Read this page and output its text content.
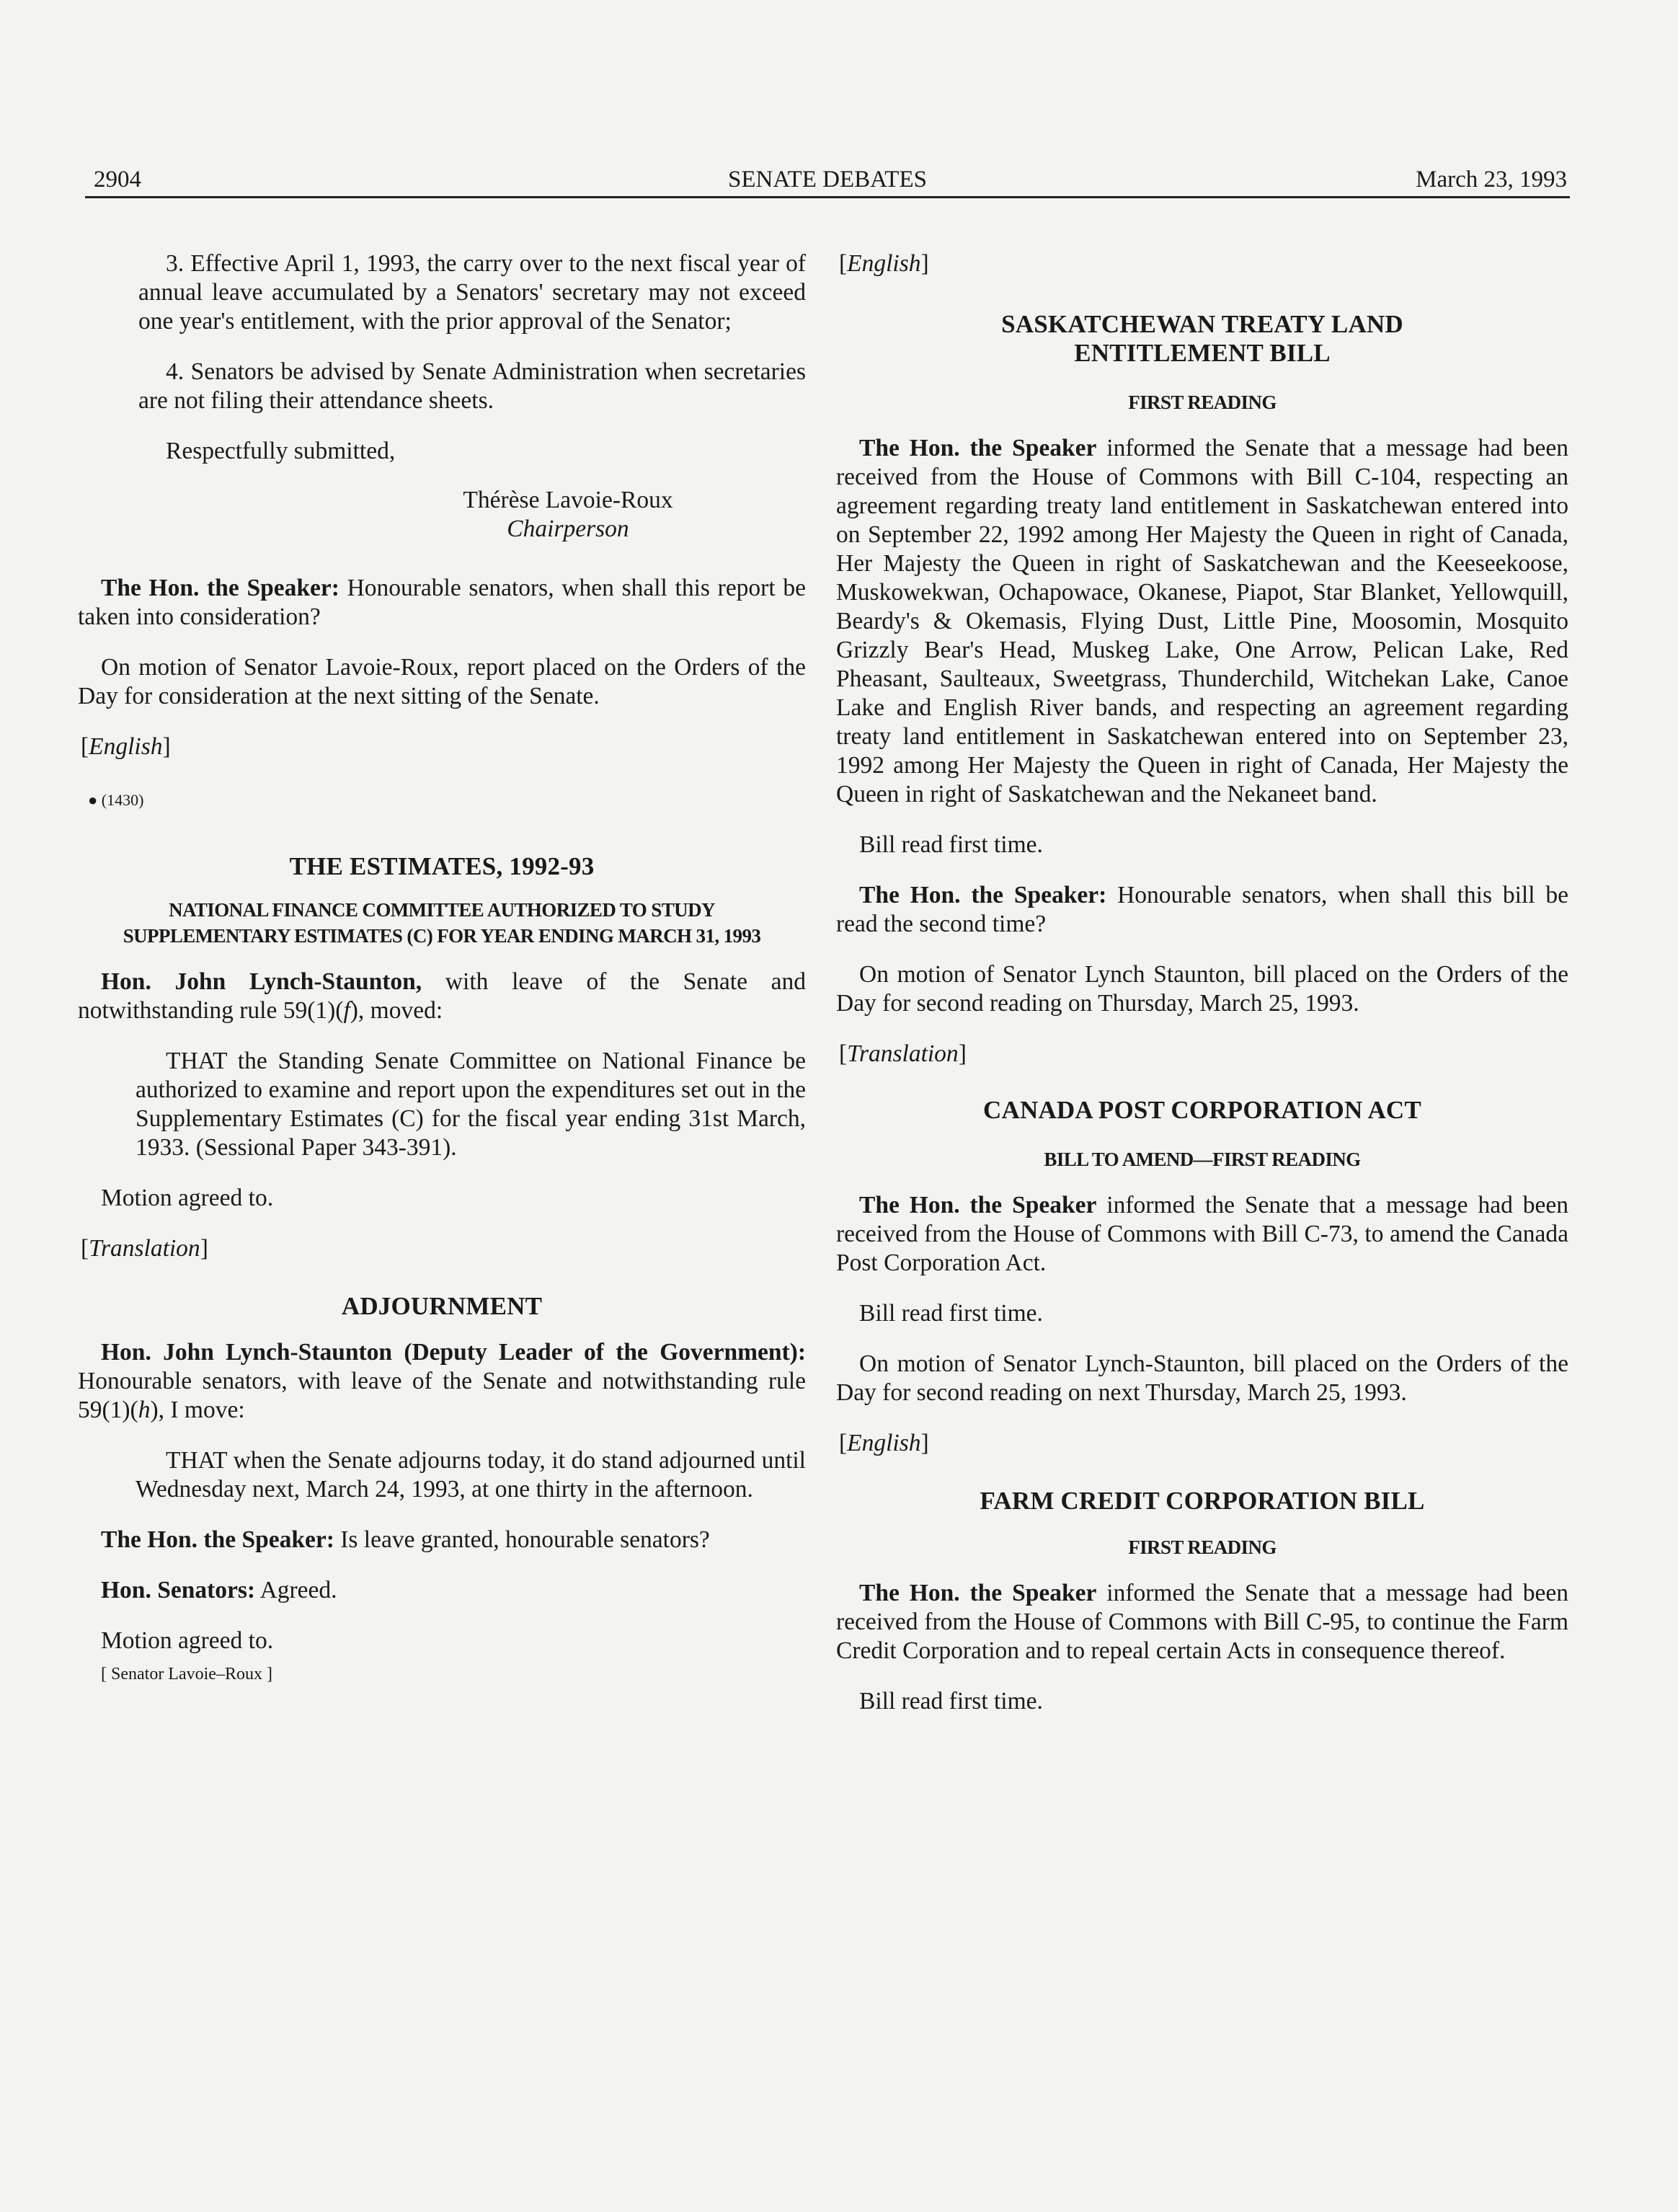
2904	SENATE DEBATES	March 23, 1993

3. Effective April 1, 1993, the carry over to the next fiscal year of annual leave accumulated by a Senators' secretary may not exceed one year's entitlement, with the prior approval of the Senator;

4. Senators be advised by Senate Administration when secretaries are not filing their attendance sheets.

Respectfully submitted,

Thérèse Lavoie-Roux
Chairperson

The Hon. the Speaker: Honourable senators, when shall this report be taken into consideration?

On motion of Senator Lavoie-Roux, report placed on the Orders of the Day for consideration at the next sitting of the Senate.

[English]
● (1430)
THE ESTIMATES, 1992-93
NATIONAL FINANCE COMMITTEE AUTHORIZED TO STUDY SUPPLEMENTARY ESTIMATES (C) FOR YEAR ENDING MARCH 31, 1993

Hon. John Lynch-Staunton, with leave of the Senate and notwithstanding rule 59(1)(f), moved:

THAT the Standing Senate Committee on National Finance be authorized to examine and report upon the expenditures set out in the Supplementary Estimates (C) for the fiscal year ending 31st March, 1933. (Sessional Paper 343-391).

Motion agreed to.

[Translation]
ADJOURNMENT

Hon. John Lynch-Staunton (Deputy Leader of the Government): Honourable senators, with leave of the Senate and notwithstanding rule 59(1)(h), I move:

THAT when the Senate adjourns today, it do stand adjourned until Wednesday next, March 24, 1993, at one thirty in the afternoon.

The Hon. the Speaker: Is leave granted, honourable senators?

Hon. Senators: Agreed.

Motion agreed to.

[ Senator Lavoie–Roux ]
[English]
SASKATCHEWAN TREATY LAND ENTITLEMENT BILL
FIRST READING

The Hon. the Speaker informed the Senate that a message had been received from the House of Commons with Bill C-104, respecting an agreement regarding treaty land entitlement in Saskatchewan entered into on September 22, 1992 among Her Majesty the Queen in right of Canada, Her Majesty the Queen in right of Saskatchewan and the Keeseekoose, Muskowekwan, Ochapowace, Okanese, Piapot, Star Blanket, Yellowquill, Beardy's & Okemasis, Flying Dust, Little Pine, Moosomin, Mosquito Grizzly Bear's Head, Muskeg Lake, One Arrow, Pelican Lake, Red Pheasant, Saulteaux, Sweetgrass, Thunderchild, Witchekan Lake, Canoe Lake and English River bands, and respecting an agreement regarding treaty land entitlement in Saskatchewan entered into on September 23, 1992 among Her Majesty the Queen in right of Canada, Her Majesty the Queen in right of Saskatchewan and the Nekaneet band.

Bill read first time.

The Hon. the Speaker: Honourable senators, when shall this bill be read the second time?

On motion of Senator Lynch Staunton, bill placed on the Orders of the Day for second reading on Thursday, March 25, 1993.

[Translation]
CANADA POST CORPORATION ACT
BILL TO AMEND—FIRST READING

The Hon. the Speaker informed the Senate that a message had been received from the House of Commons with Bill C-73, to amend the Canada Post Corporation Act.

Bill read first time.

On motion of Senator Lynch-Staunton, bill placed on the Orders of the Day for second reading on next Thursday, March 25, 1993.

[English]
FARM CREDIT CORPORATION BILL
FIRST READING

The Hon. the Speaker informed the Senate that a message had been received from the House of Commons with Bill C-95, to continue the Farm Credit Corporation and to repeal certain Acts in consequence thereof.

Bill read first time.
